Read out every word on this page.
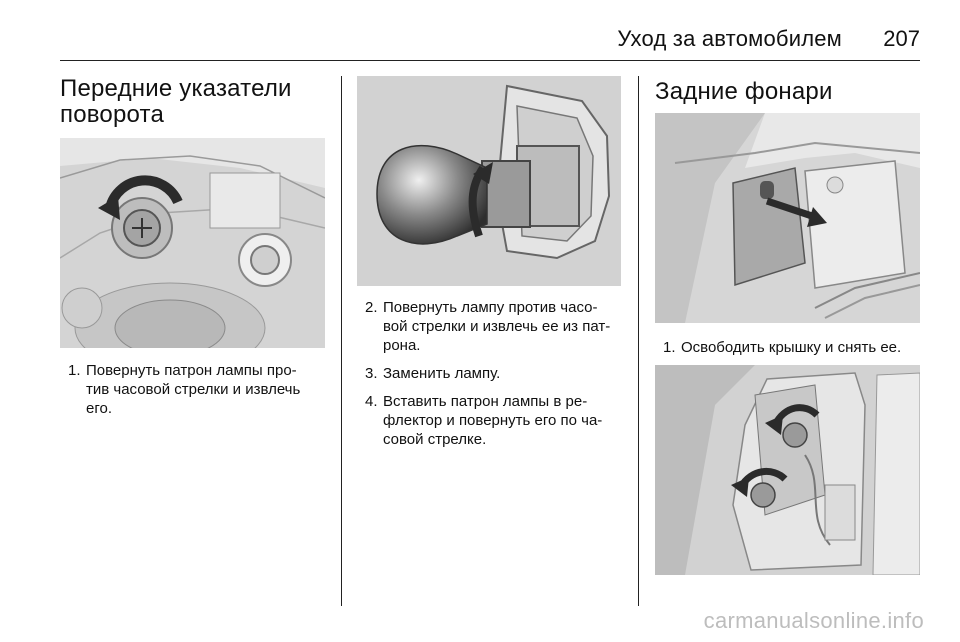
Уход за автомобилем 207
Передние указатели
поворота
1. Повернуть патрон лампы про-
тив часовой стрелки и извлечь
его.
2. Повернуть лампу против часо-
вой стрелки и извлечь ее из пат-
рона.
3. Заменить лампу.
4. Вставить патрон лампы в ре-
флектор и повернуть его по ча-
совой стрелке.
Задние фонари
1. Освободить крышку и снять ее.
carmanualsonline.info
